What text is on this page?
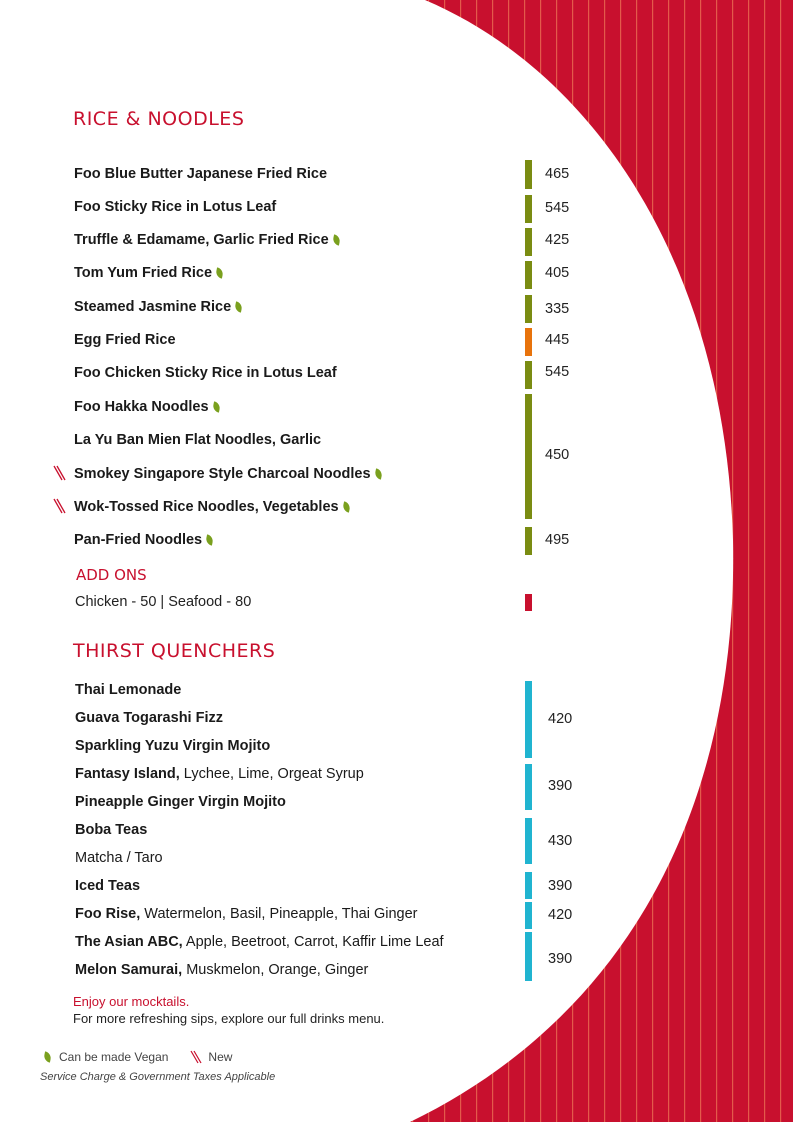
RICE & NOODLES
Foo Blue Butter Japanese Fried Rice
Foo Sticky Rice in Lotus Leaf
Truffle & Edamame, Garlic Fried Rice
Tom Yum Fried Rice
Steamed Jasmine Rice
Egg Fried Rice
Foo Chicken Sticky Rice in Lotus Leaf
Foo Hakka Noodles
La Yu Ban Mien Flat Noodles, Garlic
Smokey Singapore Style Charcoal Noodles
Wok-Tossed Rice Noodles, Vegetables
Pan-Fried Noodles
465
545
425
405
335
445
545
450
495
ADD ONS
Chicken - 50 | Seafood - 80
THIRST QUENCHERS
Thai Lemonade
Guava Togarashi Fizz
Sparkling Yuzu Virgin Mojito
Fantasy Island, Lychee, Lime, Orgeat Syrup
Pineapple Ginger Virgin Mojito
Boba Teas
Matcha / Taro
Iced Teas
Foo Rise, Watermelon, Basil, Pineapple, Thai Ginger
The Asian ABC, Apple, Beetroot, Carrot, Kaffir Lime Leaf
Melon Samurai, Muskmelon, Orange, Ginger
420
390
430
390
420
390
Enjoy our mocktails.
For more refreshing sips, explore our full drinks menu.
Can be made Vegan	New
Service Charge & Government Taxes Applicable
